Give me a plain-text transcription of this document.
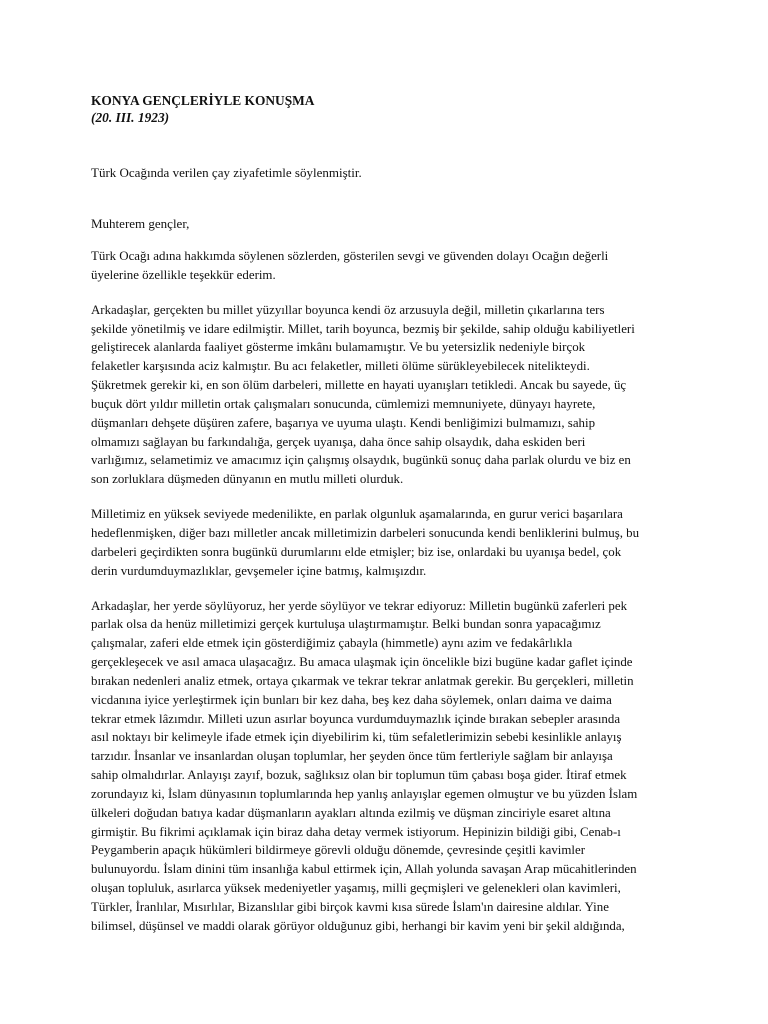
KONYA GENÇLERİYLE KONUŞMA
(20. III. 1923)

Türk Ocağında verilen çay ziyafetimle söylenmiştir.

Muhterem gençler,

Türk Ocağı adına hakkımda söylenen sözlerden, gösterilen sevgi ve güvenden dolayı Ocağın değerli
üyelerine özellikle teşekkür ederim.
Arkadaşlar, gerçekten bu millet yüzyıllar boyunca kendi öz arzusuyla değil, milletin çıkarlarına ters
şekilde yönetilmiş ve idare edilmiştir. Millet, tarih boyunca, bezmiş bir şekilde, sahip olduğu kabiliyetleri
geliştirecek alanlarda faaliyet gösterme imkânı bulamamıştır. Ve bu yetersizlik nedeniyle birçok
felaketler karşısında aciz kalmıştır. Bu acı felaketler, milleti ölüme sürükleyebilecek nitelikteydi.
Şükretmek gerekir ki, en son ölüm darbeleri, millette en hayati uyanışları tetikledi. Ancak bu sayede, üç
buçuk dört yıldır milletin ortak çalışmaları sonucunda, cümlemizi memnuniyete, dünyayı hayrete,
düşmanları dehşete düşüren zafere, başarıya ve uyuma ulaştı. Kendi benliğimizi bulmamızı, sahip
olmamızı sağlayan bu farkındalığa, gerçek uyanışa, daha önce sahip olsaydık, daha eskiden beri
varlığımız, selametimiz ve amacımız için çalışmış olsaydık, bugünkü sonuç daha parlak olurdu ve biz en
son zorluklara düşmeden dünyanın en mutlu milleti olurduk.
Milletimiz en yüksek seviyede medenilikte, en parlak olgunluk aşamalarında, en gurur verici başarılara
hedeflenmişken, diğer bazı milletler ancak milletimizin darbeleri sonucunda kendi benliklerini bulmuş, bu
darbeleri geçirdikten sonra bugünkü durumlarını elde etmişler; biz ise, onlardaki bu uyanışa bedel, çok
derin vurdumduymazlıklar, gevşemeler içine batmış, kalmışızdır.
Arkadaşlar, her yerde söylüyoruz, her yerde söylüyor ve tekrar ediyoruz: Milletin bugünkü zaferleri pek
parlak olsa da henüz milletimizi gerçek kurtuluşa ulaştırmamıştır. Belki bundan sonra yapacağımız
çalışmalar, zaferi elde etmek için gösterdiğimiz çabayla (himmetle) aynı azim ve fedakârlıkla
gerçekleşecek ve asıl amaca ulaşacağız. Bu amaca ulaşmak için öncelikle bizi bugüne kadar gaflet içinde
bırakan nedenleri analiz etmek, ortaya çıkarmak ve tekrar tekrar anlatmak gerekir. Bu gerçekleri, milletin
vicdanına iyice yerleştirmek için bunları bir kez daha, beş kez daha söylemek, onları daima ve daima
tekrar etmek lâzımdır. Milleti uzun asırlar boyunca vurdumduymazlık içinde bırakan sebepler arasında
asıl noktayı bir kelimeyle ifade etmek için diyebilirim ki, tüm sefaletlerimizin sebebi kesinlikle anlayış
tarzıdır. İnsanlar ve insanlardan oluşan toplumlar, her şeyden önce tüm fertleriyle sağlam bir anlayışa
sahip olmalıdırlar. Anlayışı zayıf, bozuk, sağlıksız olan bir toplumun tüm çabası boşa gider. İtiraf etmek
zorundayız ki, İslam dünyasının toplumlarında hep yanlış anlayışlar egemen olmuştur ve bu yüzden İslam
ülkeleri doğudan batıya kadar düşmanların ayakları altında ezilmiş ve düşman zinciriyle esaret altına
girmiştir. Bu fikrimi açıklamak için biraz daha detay vermek istiyorum. Hepinizin bildiği gibi, Cenab-ı
Peygamberin apaçık hükümleri bildirmeye görevli olduğu dönemde, çevresinde çeşitli kavimler
bulunuyordu. İslam dinini tüm insanlığa kabul ettirmek için, Allah yolunda savaşan Arap mücahitlerinden
oluşan topluluk, asırlarca yüksek medeniyetler yaşamış, milli geçmişleri ve gelenekleri olan kavimleri,
Türkler, İranlılar, Mısırlılar, Bizanslılar gibi birçok kavmi kısa sürede İslam'ın dairesine aldılar. Yine
bilimsel, düşünsel ve maddi olarak görüyor olduğunuz gibi, herhangi bir kavim yeni bir şekil aldığında,
